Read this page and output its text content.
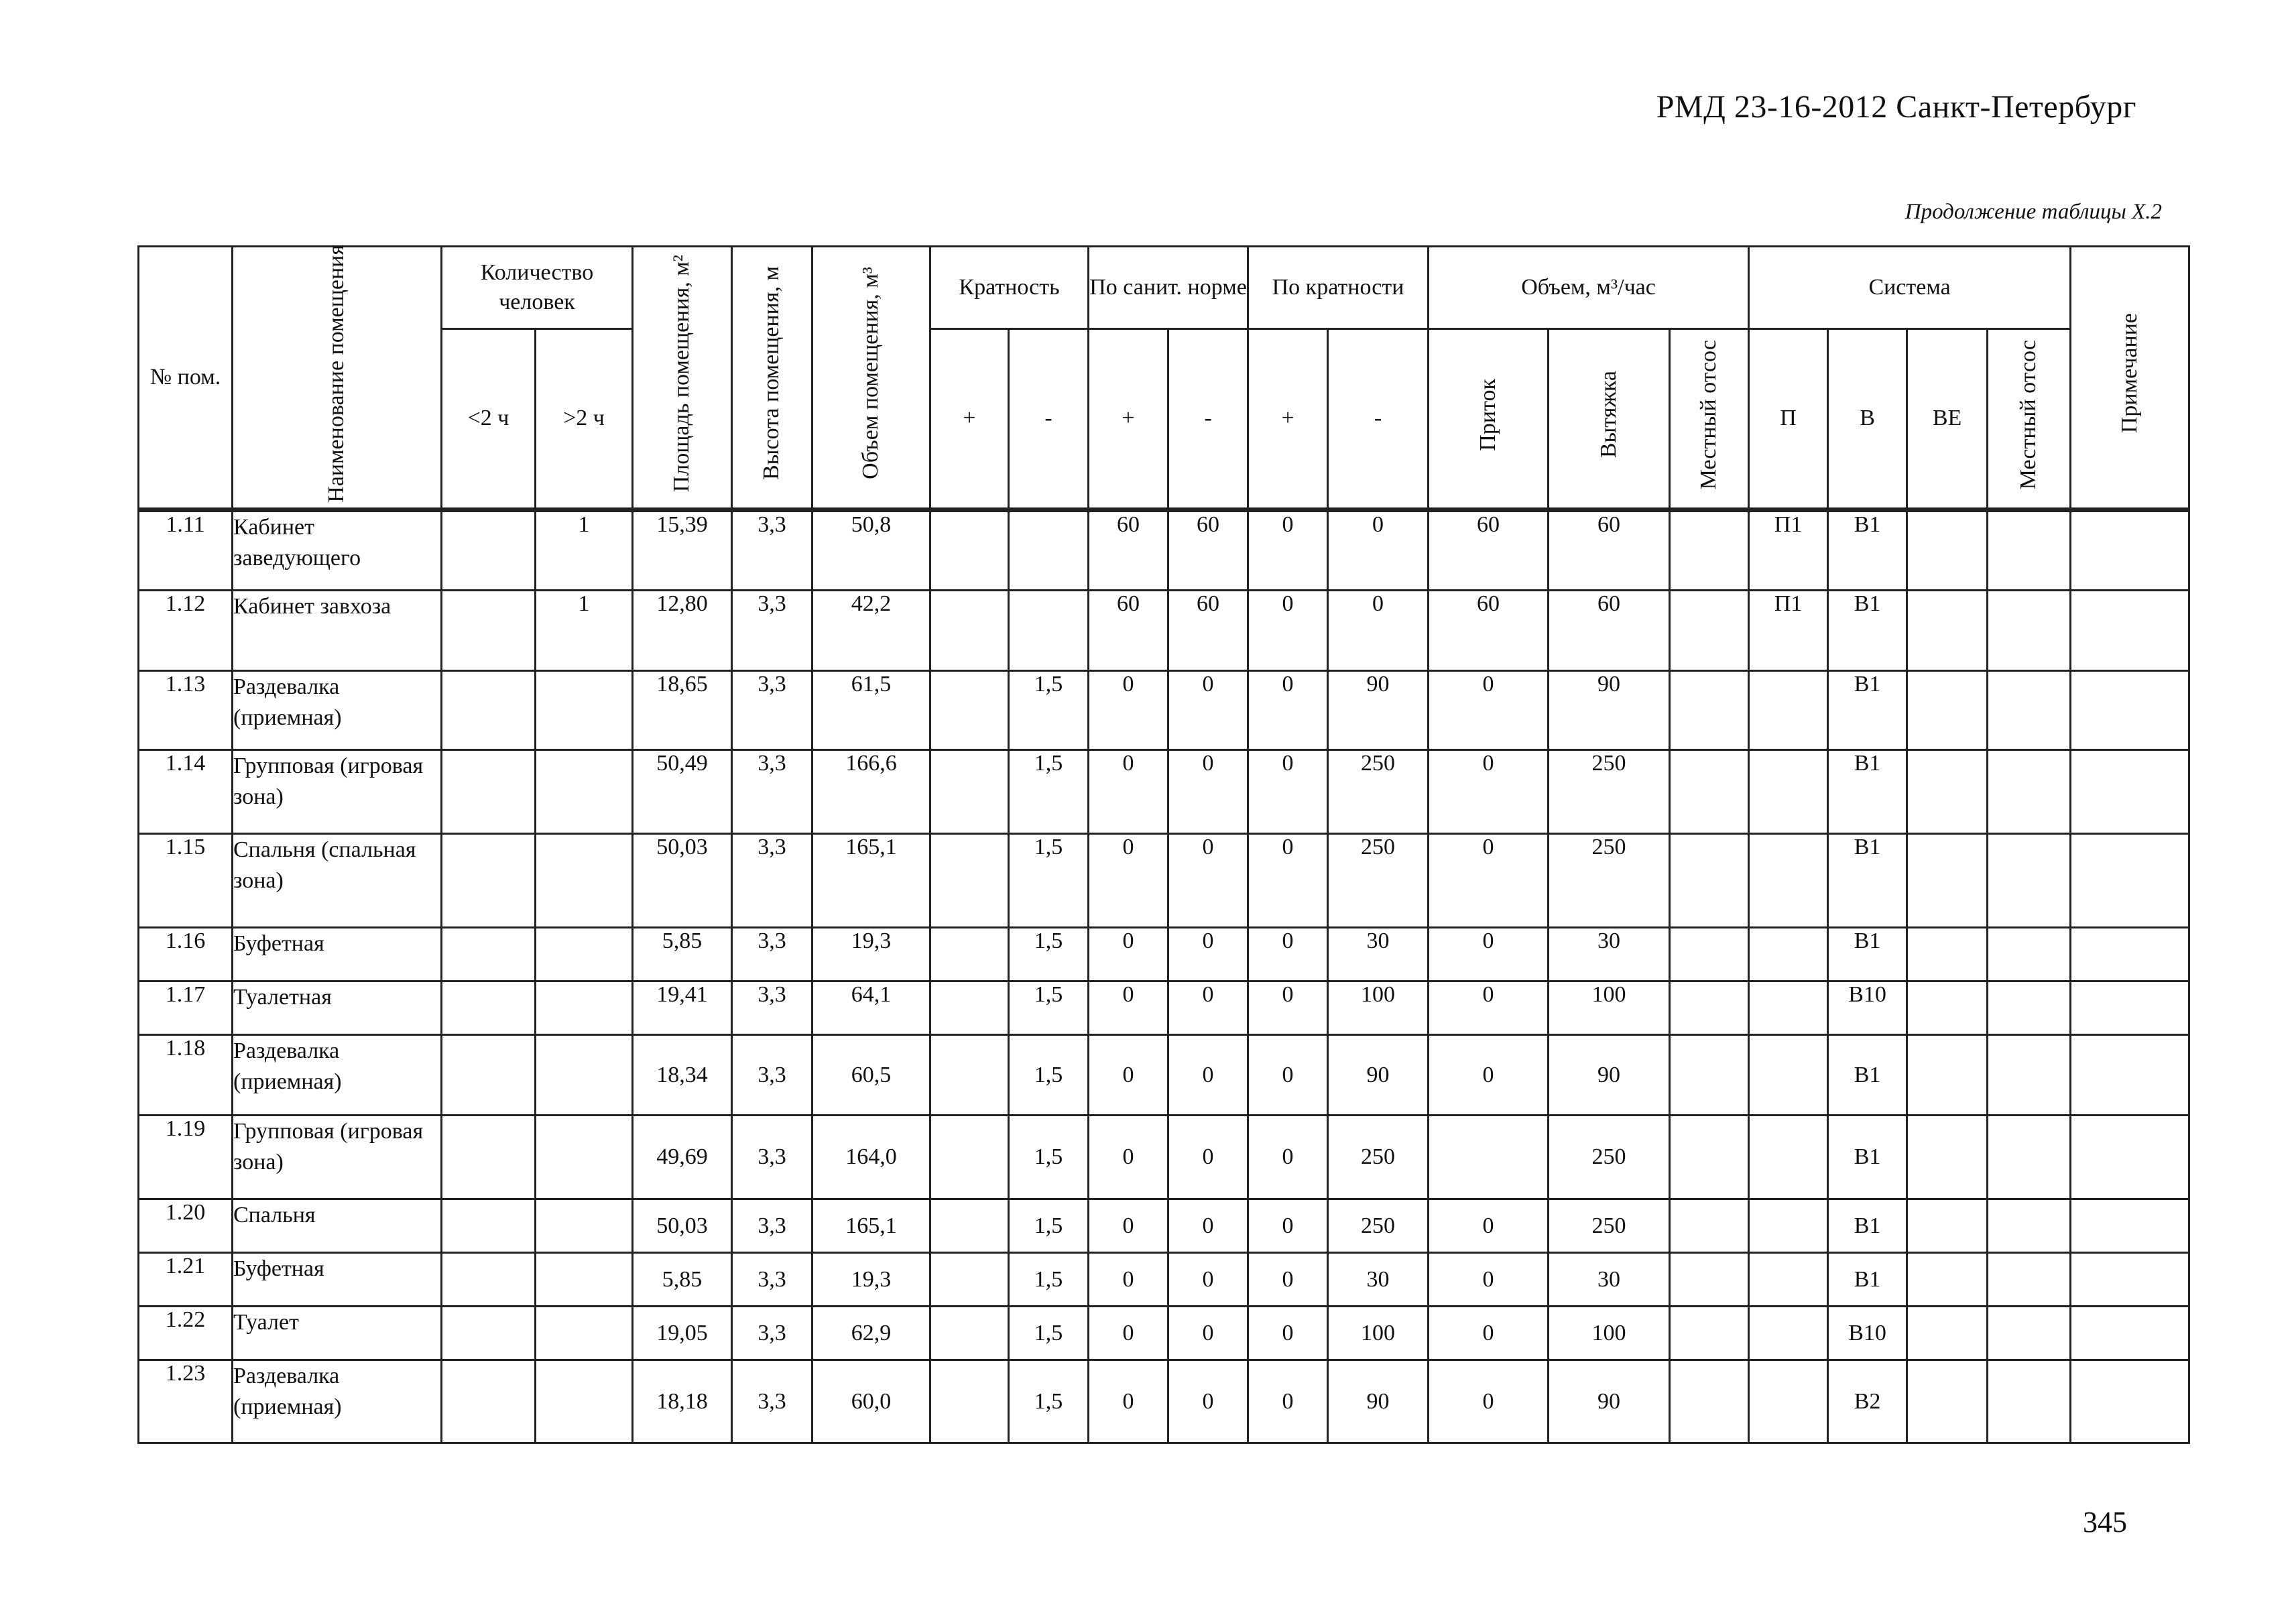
РМД 23-16-2012 Санкт-Петербург
Продолжение таблицы Х.2
№ пом.	Наименование помещения	Количество человек		Площадь помещения, м²	Высота помещения, м	Объем помещения, м³	Кратность		По санит. норме		По кратности		Объем, м³/час			Система				Примечание
		<2 ч	>2 ч				+	-	+	-	+	-	Приток	Вытяжка	Местный отсос	П	В	ВЕ	Местный отсос	
1.11	Кабинет заведующего		1	15,39	3,3	50,8			60	60	0	0	60	60		П1	В1			
1.12	Кабинет завхоза		1	12,80	3,3	42,2			60	60	0	0	60	60		П1	В1			
1.13	Раздевалка (приемная)			18,65	3,3	61,5		1,5	0	0	0	90	0	90			В1			
1.14	Групповая (игровая зона)			50,49	3,3	166,6		1,5	0	0	0	250	0	250			В1			
1.15	Спальня (спальная зона)			50,03	3,3	165,1		1,5	0	0	0	250	0	250			В1			
1.16	Буфетная			5,85	3,3	19,3		1,5	0	0	0	30	0	30			В1			
1.17	Туалетная			19,41	3,3	64,1		1,5	0	0	0	100	0	100			В10			
1.18	Раздевалка (приемная)			18,34	3,3	60,5		1,5	0	0	0	90	0	90			В1			
1.19	Групповая (игровая зона)			49,69	3,3	164,0		1,5	0	0	0	250		250			В1			
1.20	Спальня			50,03	3,3	165,1		1,5	0	0	0	250	0	250			В1			
1.21	Буфетная			5,85	3,3	19,3		1,5	0	0	0	30	0	30			В1			
1.22	Туалет			19,05	3,3	62,9		1,5	0	0	0	100	0	100			В10			
1.23	Раздевалка (приемная)			18,18	3,3	60,0		1,5	0	0	0	90	0	90			В2			
345
